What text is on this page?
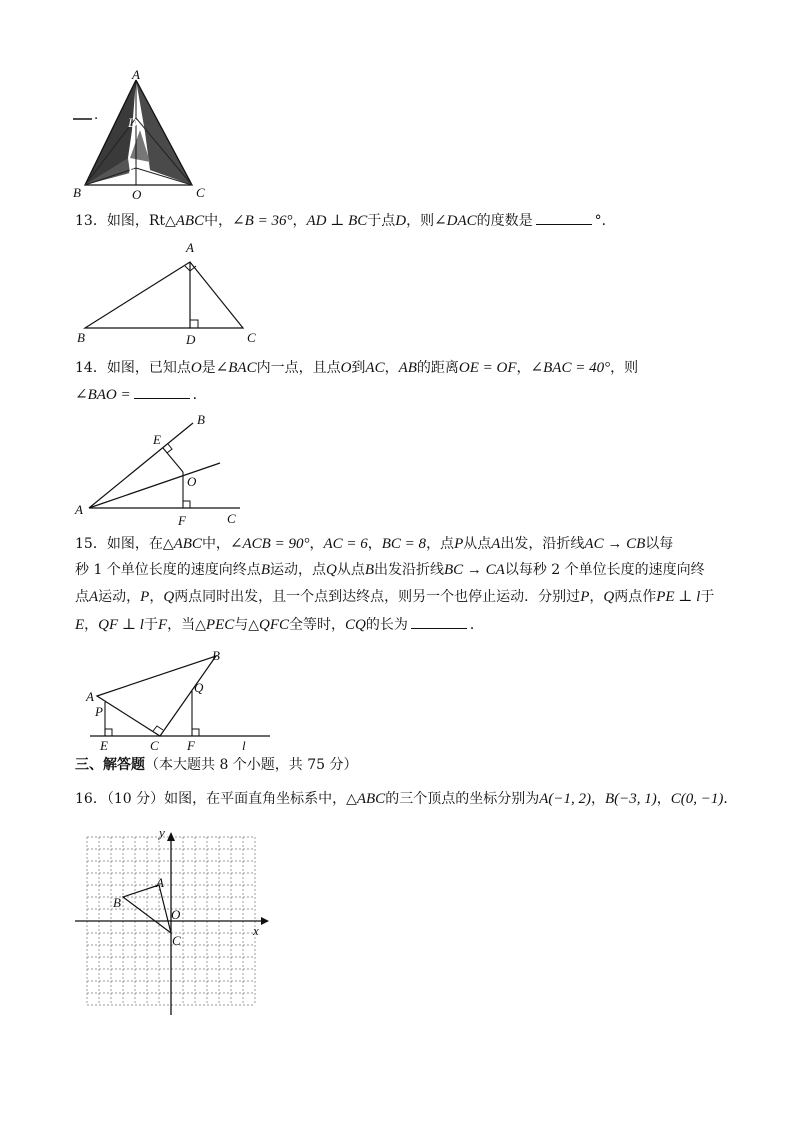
A
. D
E
B	O	C
13．如图，Rt△ABC中，∠B = 36°，AD ⊥ BC于点D，则∠DAC的度数是	°．
A
B	D	C
14．如图，已知点O是∠BAC内一点，且点O到AC，AB的距离OE = OF，∠BAC = 40°，则
∠BAO =	．
B
E
O
A
F	C
15．如图，在△ABC中，∠ACB = 90°，AC = 6，BC = 8，点P从点A出发，沿折线AC → CB以每
秒 1 个单位长度的速度向终点B运动，点Q从点B出发沿折线BC → CA以每秒 2 个单位长度的速度向终
点A运动，P，Q两点同时出发，且一个点到达终点，则另一个也停止运动．分别过P，Q两点作PE ⊥ l于
E，QF ⊥ l于F，当△PEC与△QFC全等时，CQ的长为	．
B
A
P
Q
E	C F	l
三、解答题（本大题共 8 个小题，共 75 分）
16．（10 分）如图，在平面直角坐标系中，△ABC的三个顶点的坐标分别为A(−1, 2)，B(−3, 1)，C(0, −1)．
y
x
A
B
O
C
